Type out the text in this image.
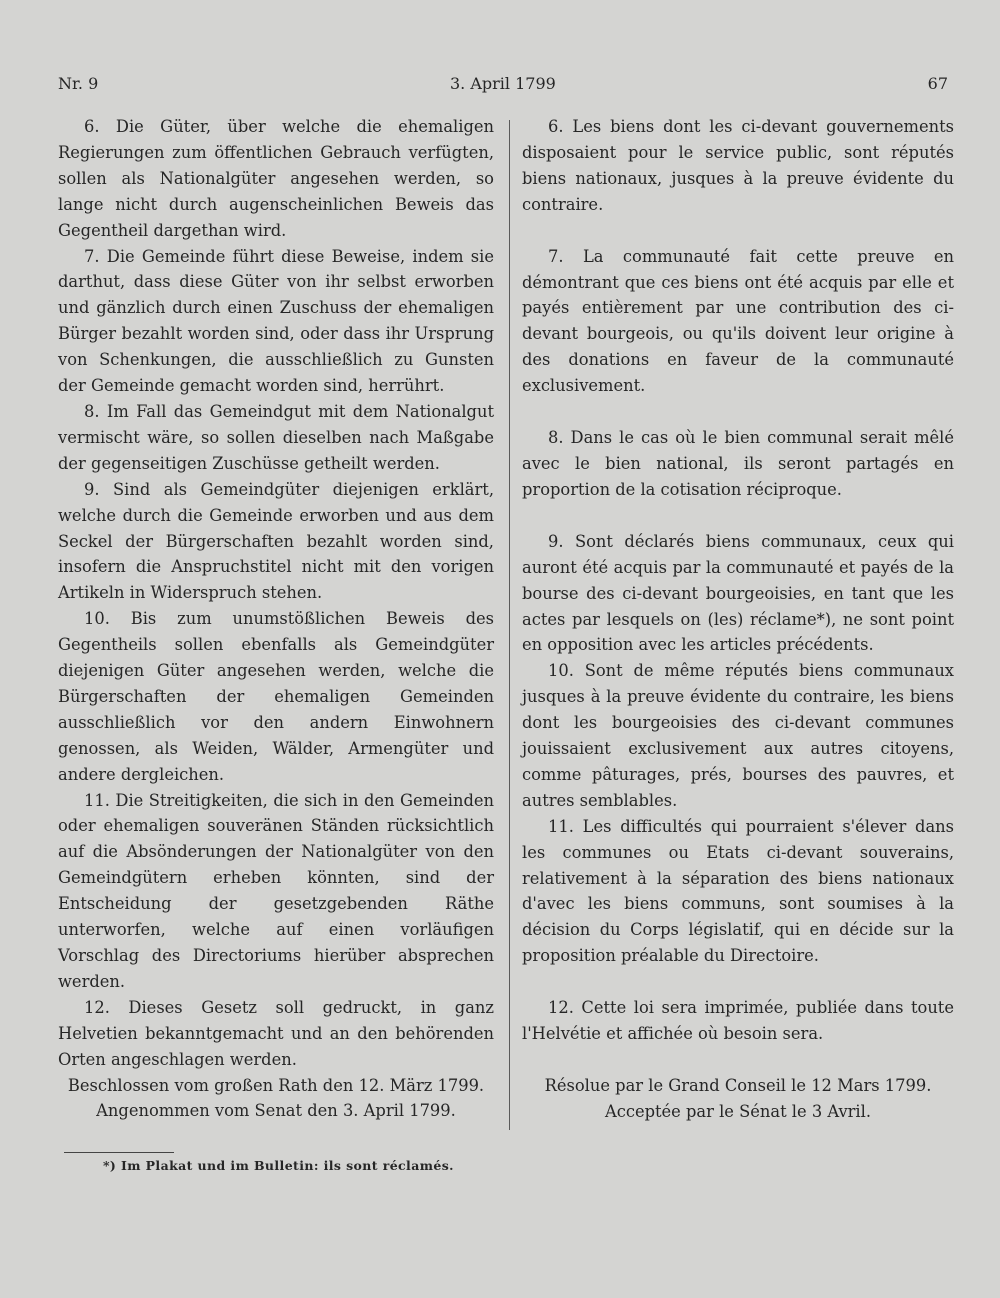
Nr. 9	3. April 1799	67

6. Die Güter, über welche die ehemaligen Regierungen zum öffentlichen Gebrauch verfügten, sollen als Nationalgüter angesehen werden, so lange nicht durch augenscheinlichen Beweis das Gegentheil dargethan wird.

7. Die Gemeinde führt diese Beweise, indem sie darthut, dass diese Güter von ihr selbst erworben und gänzlich durch einen Zuschuss der ehemaligen Bürger bezahlt worden sind, oder dass ihr Ursprung von Schenkungen, die ausschließlich zu Gunsten der Gemeinde gemacht worden sind, herrührt.

8. Im Fall das Gemeindgut mit dem Nationalgut vermischt wäre, so sollen dieselben nach Maßgabe der gegenseitigen Zuschüsse getheilt werden.

9. Sind als Gemeindgüter diejenigen erklärt, welche durch die Gemeinde erworben und aus dem Seckel der Bürgerschaften bezahlt worden sind, insofern die Anspruchstitel nicht mit den vorigen Artikeln in Widerspruch stehen.

10. Bis zum unumstößlichen Beweis des Gegentheils sollen ebenfalls als Gemeindgüter diejenigen Güter angesehen werden, welche die Bürgerschaften der ehemaligen Gemeinden ausschließlich vor den andern Einwohnern genossen, als Weiden, Wälder, Armengüter und andere dergleichen.

11. Die Streitigkeiten, die sich in den Gemeinden oder ehemaligen souveränen Ständen rücksichtlich auf die Absönderungen der Nationalgüter von den Gemeindgütern erheben könnten, sind der Entscheidung der gesetzgebenden Räthe unterworfen, welche auf einen vorläufigen Vorschlag des Directoriums hierüber absprechen werden.

12. Dieses Gesetz soll gedruckt, in ganz Helvetien bekanntgemacht und an den behörenden Orten angeschlagen werden.

Beschlossen vom großen Rath den 12. März 1799.

Angenommen vom Senat den 3. April 1799.

6. Les biens dont les ci-devant gouvernements disposaient pour le service public, sont réputés biens nationaux, jusques à la preuve évidente du contraire.

7. La communauté fait cette preuve en démontrant que ces biens ont été acquis par elle et payés entièrement par une contribution des ci-devant bourgeois, ou qu'ils doivent leur origine à des donations en faveur de la communauté exclusivement.

8. Dans le cas où le bien communal serait mêlé avec le bien national, ils seront partagés en proportion de la cotisation réciproque.

9. Sont déclarés biens communaux, ceux qui auront été acquis par la communauté et payés de la bourse des ci-devant bourgeoisies, en tant que les actes par lesquels on (les) réclame*), ne sont point en opposition avec les articles précédents.

10. Sont de même réputés biens communaux jusques à la preuve évidente du contraire, les biens dont les bourgeoisies des ci-devant communes jouissaient exclusivement aux autres citoyens, comme pâturages, prés, bourses des pauvres, et autres semblables.

11. Les difficultés qui pourraient s'élever dans les communes ou Etats ci-devant souverains, relativement à la séparation des biens nationaux d'avec les biens communs, sont soumises à la décision du Corps législatif, qui en décide sur la proposition préalable du Directoire.

12. Cette loi sera imprimée, publiée dans toute l'Helvétie et affichée où besoin sera.

Résolue par le Grand Conseil le 12 Mars 1799.

Acceptée par le Sénat le 3 Avril.

*) Im Plakat und im Bulletin: ils sont réclamés.
